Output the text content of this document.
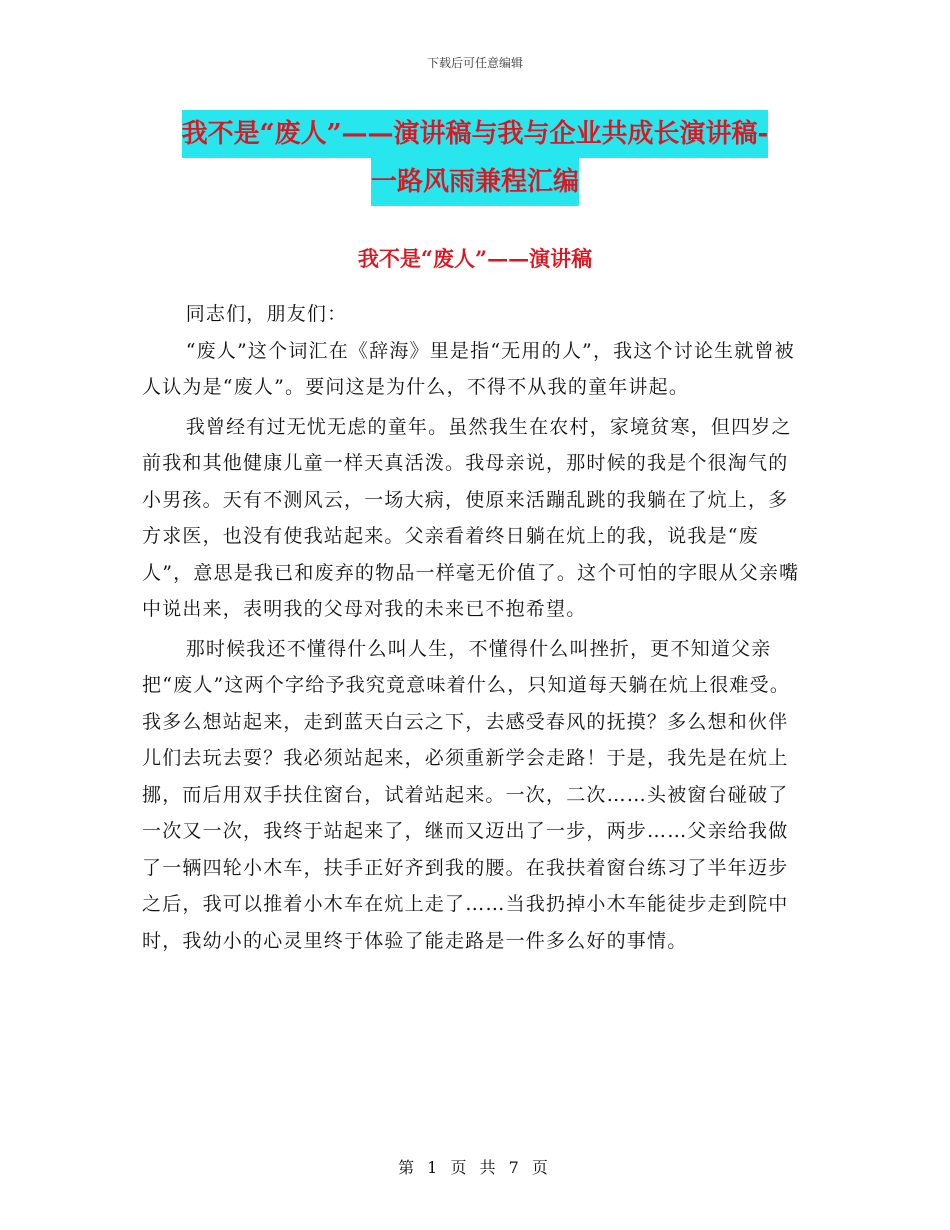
下载后可任意编辑
我不是“废人”——演讲稿与我与企业共成长演讲稿-
一路风雨兼程汇编
我不是“废人”——演讲稿

同志们，朋友们：

“废人”这个词汇在《辞海》里是指“无用的人”，我这个讨论生就曾被人认为是“废人”。要问这是为什么，不得不从我的童年讲起。

我曾经有过无忧无虑的童年。虽然我生在农村，家境贫寒，但四岁之前我和其他健康儿童一样天真活泼。我母亲说，那时候的我是个很淘气的小男孩。天有不测风云，一场大病，使原来活蹦乱跳的我躺在了炕上，多方求医，也没有使我站起来。父亲看着终日躺在炕上的我，说我是“废人”，意思是我已和废弃的物品一样毫无价值了。这个可怕的字眼从父亲嘴中说出来，表明我的父母对我的未来已不抱希望。

那时候我还不懂得什么叫人生，不懂得什么叫挫折，更不知道父亲把“废人”这两个字给予我究竟意味着什么，只知道每天躺在炕上很难受。我多么想站起来，走到蓝天白云之下，去感受春风的抚摸？多么想和伙伴儿们去玩去耍？我必须站起来，必须重新学会走路！于是，我先是在炕上挪，而后用双手扶住窗台，试着站起来。一次，二次……头被窗台碰破了一次又一次，我终于站起来了，继而又迈出了一步，两步……父亲给我做了一辆四轮小木车，扶手正好齐到我的腰。在我扶着窗台练习了半年迈步之后，我可以推着小木车在炕上走了……当我扔掉小木车能徒步走到院中时，我幼小的心灵里终于体验了能走路是一件多么好的事情。

第 1 页 共 7 页
